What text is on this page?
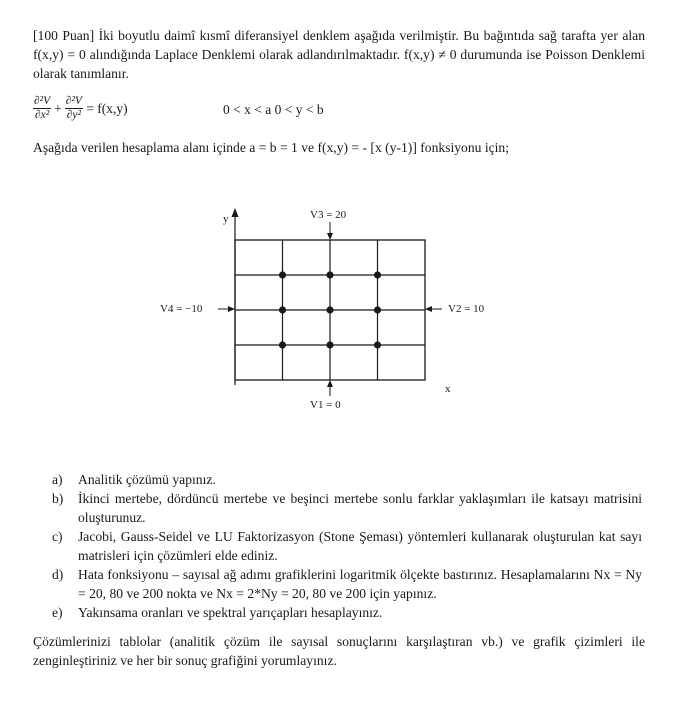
[100 Puan] İki boyutlu daimî kısmî diferansiyel denklem aşağıda verilmiştir. Bu bağıntıda sağ tarafta yer alan f(x,y) = 0 alındığında Laplace Denklemi olarak adlandırılmaktadır. f(x,y) ≠ 0 durumunda ise Poisson Denklemi olarak tanımlanır.
$\frac{\text{∂²V}}{\text{∂x²}} + \frac{\text{∂²V}}{\text{∂y²}} = f(x,y)$	0 < x < a 0 < y < b
Aşağıda verilen hesaplama alanı içinde a = b = 1 ve f(x,y) = - [x (y-1)] fonksiyonu için;
y
x
V3 = 20
V4 = −10	V2 = 10
V1 = 0
a) Analitik çözümü yapınız.
b) İkinci mertebe, dördüncü mertebe ve beşinci mertebe sonlu farklar yaklaşımları ile katsayı matrisini oluşturunuz.
c) Jacobi, Gauss-Seidel ve LU Faktorizasyon (Stone Şeması) yöntemleri kullanarak oluşturulan kat sayı matrisleri için çözümleri elde ediniz.
d) Hata fonksiyonu – sayısal ağ adımı grafiklerini logaritmik ölçekte bastırınız. Hesaplamalarını Nx = Ny = 20, 80 ve 200 nokta ve Nx = 2*Ny = 20, 80 ve 200 için yapınız.
e) Yakınsama oranları ve spektral yarıçapları hesaplayınız.
Çözümlerinizi tablolar (analitik çözüm ile sayısal sonuçlarını karşılaştıran vb.) ve grafik çizimleri ile zenginleştiriniz ve her bir sonuç grafiğini yorumlayınız.
